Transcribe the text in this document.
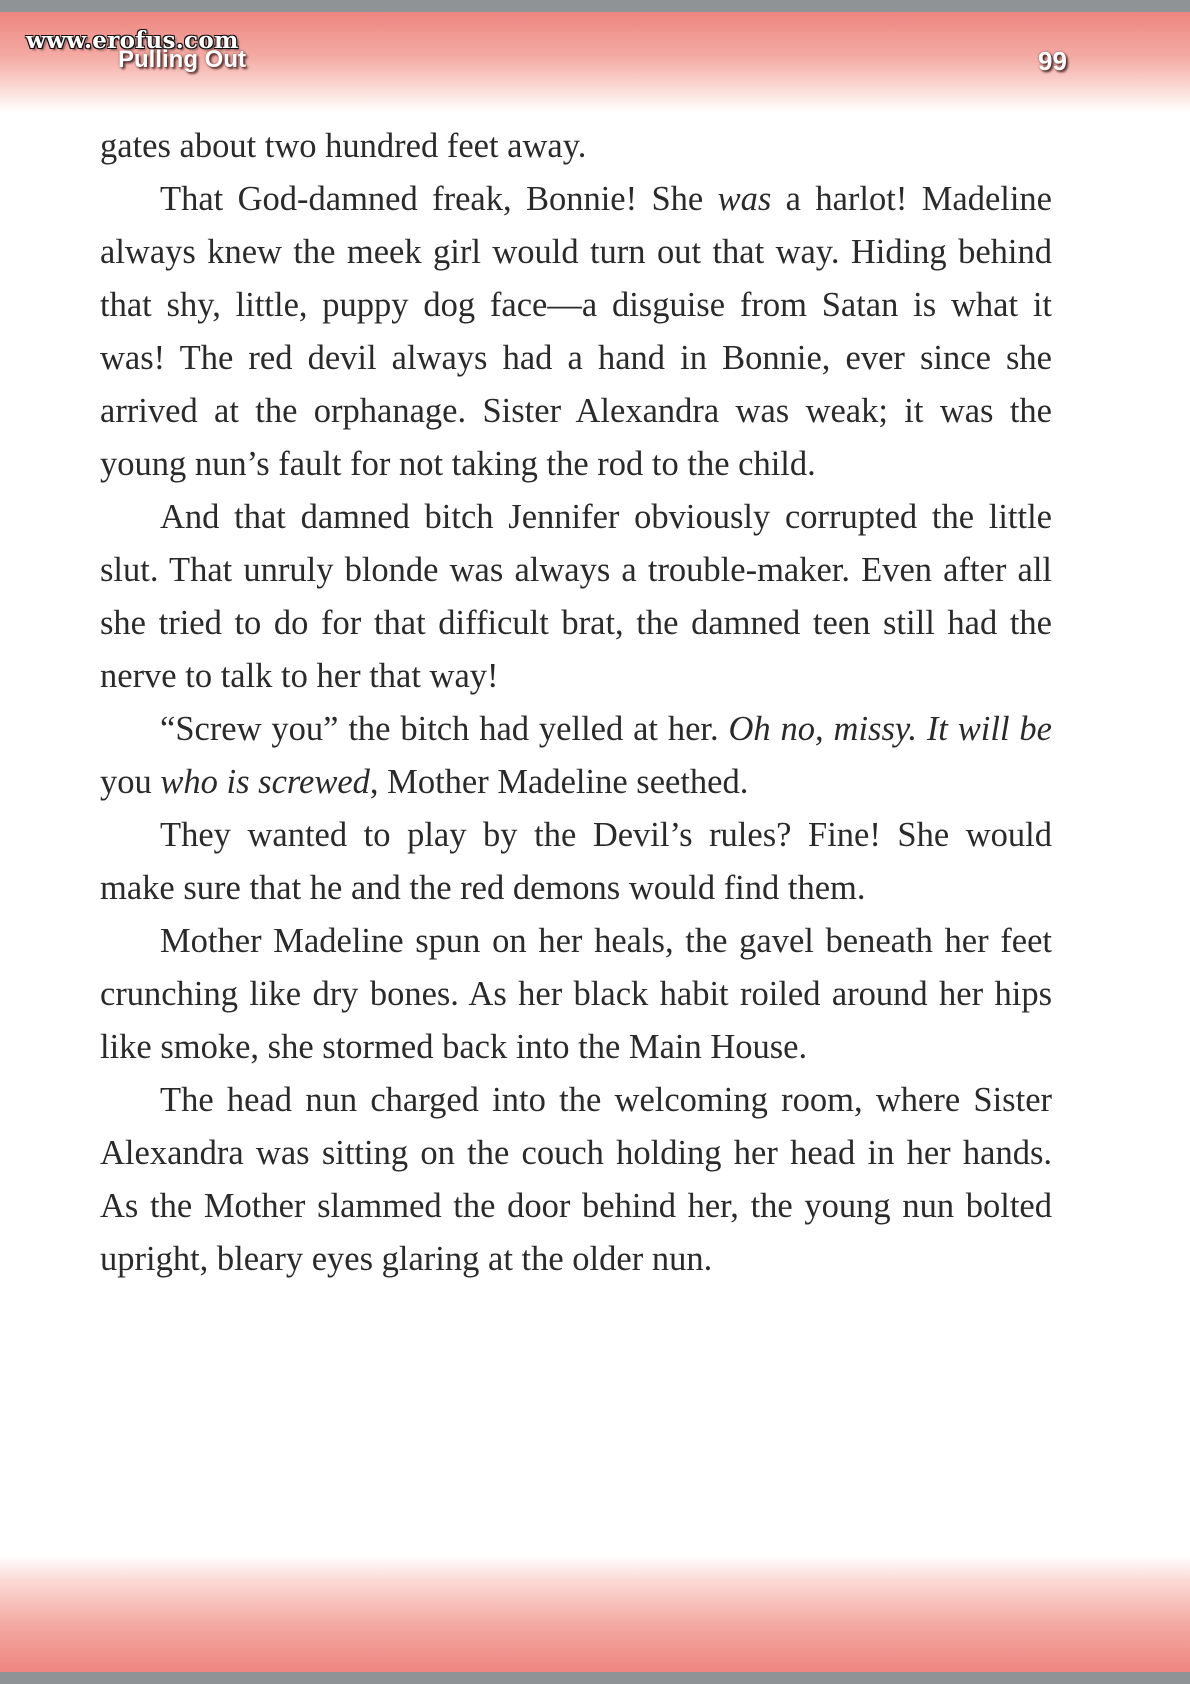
www.erofus.com
Pulling Out	99

gates about two hundred feet away.

That God-damned freak, Bonnie! She was a harlot! Madeline always knew the meek girl would turn out that way. Hiding behind that shy, little, puppy dog face—a disguise from Satan is what it was! The red devil always had a hand in Bonnie, ever since she arrived at the orphanage. Sister Alexandra was weak; it was the young nun’s fault for not taking the rod to the child.

And that damned bitch Jennifer obviously corrupted the little slut. That unruly blonde was always a trouble-maker. Even after all she tried to do for that difficult brat, the damned teen still had the nerve to talk to her that way!

“Screw you” the bitch had yelled at her. Oh no, missy. It will be you who is screwed, Mother Madeline seethed.

They wanted to play by the Devil’s rules? Fine! She would make sure that he and the red demons would find them.

Mother Madeline spun on her heals, the gavel beneath her feet crunching like dry bones. As her black habit roiled around her hips like smoke, she stormed back into the Main House.

The head nun charged into the welcoming room, where Sister Alexandra was sitting on the couch holding her head in her hands. As the Mother slammed the door behind her, the young nun bolted upright, bleary eyes glaring at the older nun.
